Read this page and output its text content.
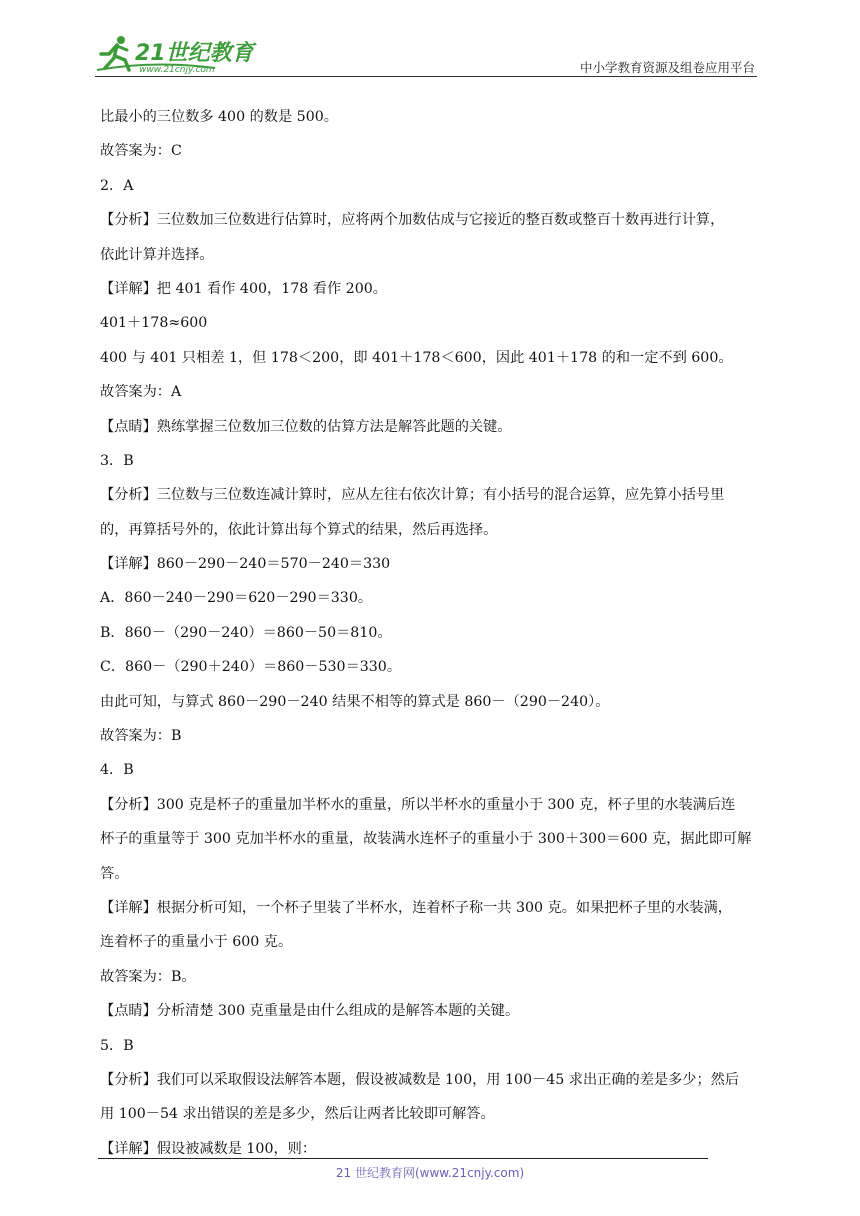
21世纪教育
www.21cnjy.com	中小学教育资源及组卷应用平台
比最小的三位数多 400 的数是 500。
故答案为：C
2．A
【分析】三位数加三位数进行估算时，应将两个加数估成与它接近的整百数或整百十数再进行计算，
依此计算并选择。
【详解】把 401 看作 400，178 看作 200。
401＋178≈600
400 与 401 只相差 1，但 178＜200，即 401＋178＜600，因此 401＋178 的和一定不到 600。
故答案为：A
【点睛】熟练掌握三位数加三位数的估算方法是解答此题的关键。
3．B
【分析】三位数与三位数连减计算时，应从左往右依次计算；有小括号的混合运算，应先算小括号里
的，再算括号外的，依此计算出每个算式的结果，然后再选择。
【详解】860－290－240＝570－240＝330
A．860－240－290＝620－290＝330。
B．860－（290－240）＝860－50＝810。
C．860－（290＋240）＝860－530＝330。
由此可知，与算式 860－290－240 结果不相等的算式是 860－（290－240）。
故答案为：B
4．B
【分析】300 克是杯子的重量加半杯水的重量，所以半杯水的重量小于 300 克，杯子里的水装满后连
杯子的重量等于 300 克加半杯水的重量，故装满水连杯子的重量小于 300＋300＝600 克，据此即可解
答。
【详解】根据分析可知，一个杯子里装了半杯水，连着杯子称一共 300 克。如果把杯子里的水装满，
连着杯子的重量小于 600 克。
故答案为：B。
【点睛】分析清楚 300 克重量是由什么组成的是解答本题的关键。
5．B
【分析】我们可以采取假设法解答本题，假设被减数是 100，用 100－45 求出正确的差是多少；然后
用 100－54 求出错误的差是多少，然后让两者比较即可解答。
【详解】假设被减数是 100，则：
21 世纪教育网(www.21cnjy.com)
